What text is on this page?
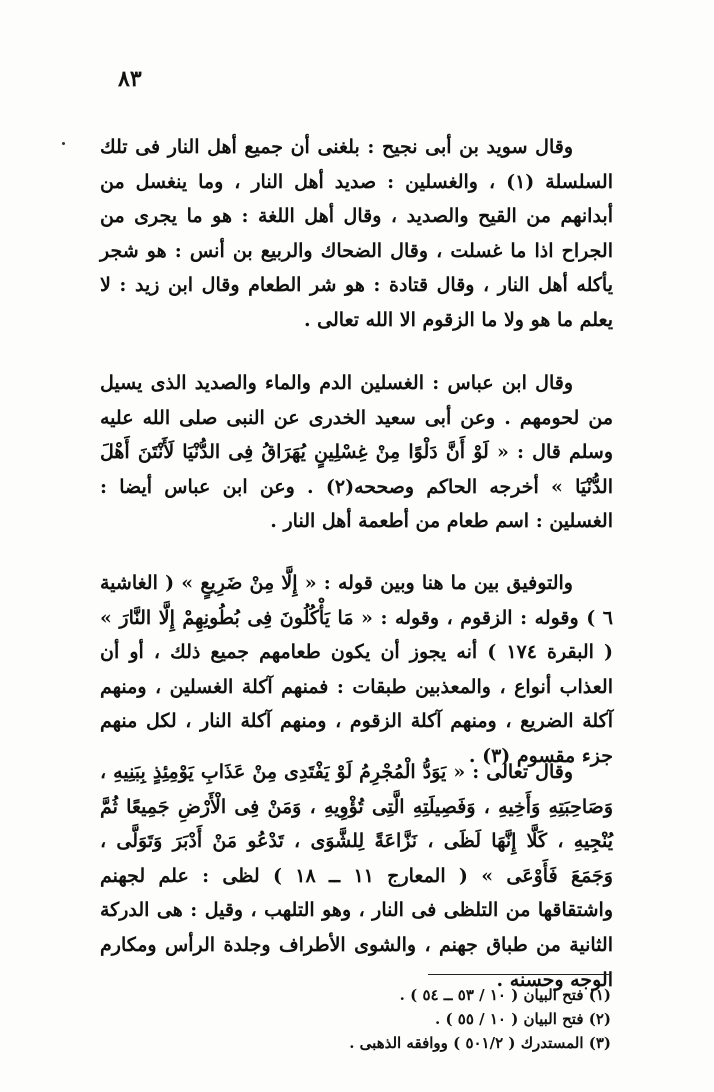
٨٣

وقال سويد بن أبى نجيح : بلغنى أن جميع أهل النار فى تلك السلسلة (١) ، والغسلين : صديد أهل النار ، وما ينغسل من أبدانهم من القيح والصديد ، وقال أهل اللغة : هو ما يجرى من الجراح اذا ما غسلت ، وقال الضحاك والربيع بن أنس : هو شجر يأكله أهل النار ، وقال قتادة : هو شر الطعام وقال ابن زيد : لا يعلم ما هو ولا ما الزقوم الا الله تعالى .

وقال ابن عباس : الغسلين الدم والماء والصديد الذى يسيل من لحومهم . وعن أبى سعيد الخدرى عن النبى صلى الله عليه وسلم قال : « لَوْ أَنَّ دَلْوًا مِنْ غِسْلِينٍ يُهَرَاقُ فِى الدُّنْيَا لَأَنْتَنَ أَهْلَ الدُّنْيَا » أخرجه الحاكم وصححه(٢) . وعن ابن عباس أيضا : الغسلين : اسم طعام من أطعمة أهل النار .

والتوفيق بين ما هنا وبين قوله : « إِلَّا مِنْ ضَرِيعٍ » ( الغاشية ٦ ) وقوله : الزقوم ، وقوله : « مَا يَأْكُلُونَ فِى بُطُونِهِمْ إِلَّا النَّارَ » ( البقرة ١٧٤ ) أنه يجوز أن يكون طعامهم جميع ذلك ، أو أن العذاب أنواع ، والمعذبين طبقات : فمنهم آكلة الغسلين ، ومنهم آكلة الضريع ، ومنهم آكلة الزقوم ، ومنهم آكلة النار ، لكل منهم جزء مقسوم (٣) .

وقال تعالى : « يَوَدُّ الْمُجْرِمُ لَوْ يَفْتَدِى مِنْ عَذَابِ يَوْمِئِذٍ بِبَنِيهِ ، وَصَاحِبَتِهِ وَأَخِيهِ ، وَفَصِيلَتِهِ الَّتِى تُؤْوِيهِ ، وَمَنْ فِى الْأَرْضِ جَمِيعًا ثُمَّ يُنْجِيهِ ، كَلَّا إِنَّهَا لَظَى ، نَزَّاعَةً لِلشَّوَى ، تَدْعُو مَنْ أَدْبَرَ وَتَوَلَّى ، وَجَمَعَ فَأَوْعَى » ( المعارج ١١ ــ ١٨ ) لظى : علم لجهنم واشتقاقها من التلظى فى النار ، وهو التلهب ، وقيل : هى الدركة الثانية من طباق جهنم ، والشوى الأطراف وجلدة الرأس ومكارم الوجه وحسنه .

(١) فتح البيان ( ١٠ / ٥٣ ــ ٥٤ ) .
(٢) فتح البيان ( ١٠ / ٥٥ ) .
(٣) المستدرك ( ٥٠١/٢ ) ووافقه الذهبى .
